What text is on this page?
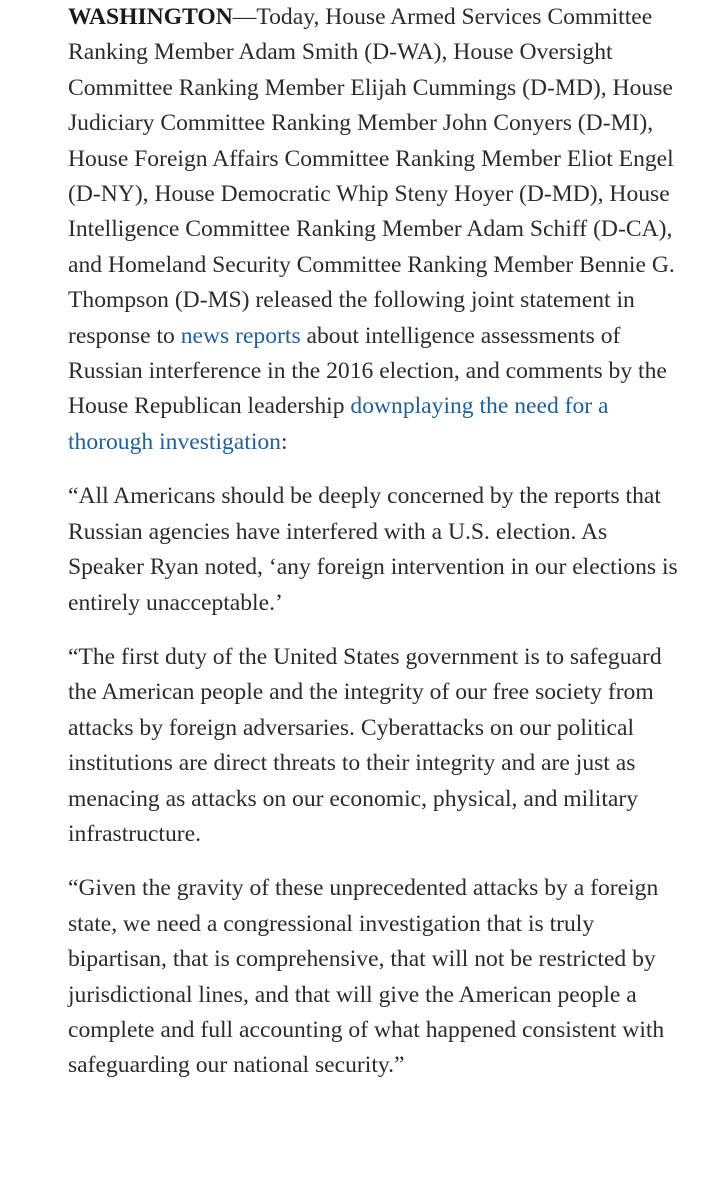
WASHINGTON—Today, House Armed Services Committee Ranking Member Adam Smith (D-WA), House Oversight Committee Ranking Member Elijah Cummings (D-MD), House Judiciary Committee Ranking Member John Conyers (D-MI), House Foreign Affairs Committee Ranking Member Eliot Engel (D-NY), House Democratic Whip Steny Hoyer (D-MD), House Intelligence Committee Ranking Member Adam Schiff (D-CA), and Homeland Security Committee Ranking Member Bennie G. Thompson (D-MS) released the following joint statement in response to news reports about intelligence assessments of Russian interference in the 2016 election, and comments by the House Republican leadership downplaying the need for a thorough investigation:

“All Americans should be deeply concerned by the reports that Russian agencies have interfered with a U.S. election. As Speaker Ryan noted, ‘any foreign intervention in our elections is entirely unacceptable.’

“The first duty of the United States government is to safeguard the American people and the integrity of our free society from attacks by foreign adversaries. Cyberattacks on our political institutions are direct threats to their integrity and are just as menacing as attacks on our economic, physical, and military infrastructure.

“Given the gravity of these unprecedented attacks by a foreign state, we need a congressional investigation that is truly bipartisan, that is comprehensive, that will not be restricted by jurisdictional lines, and that will give the American people a complete and full accounting of what happened consistent with safeguarding our national security.”
